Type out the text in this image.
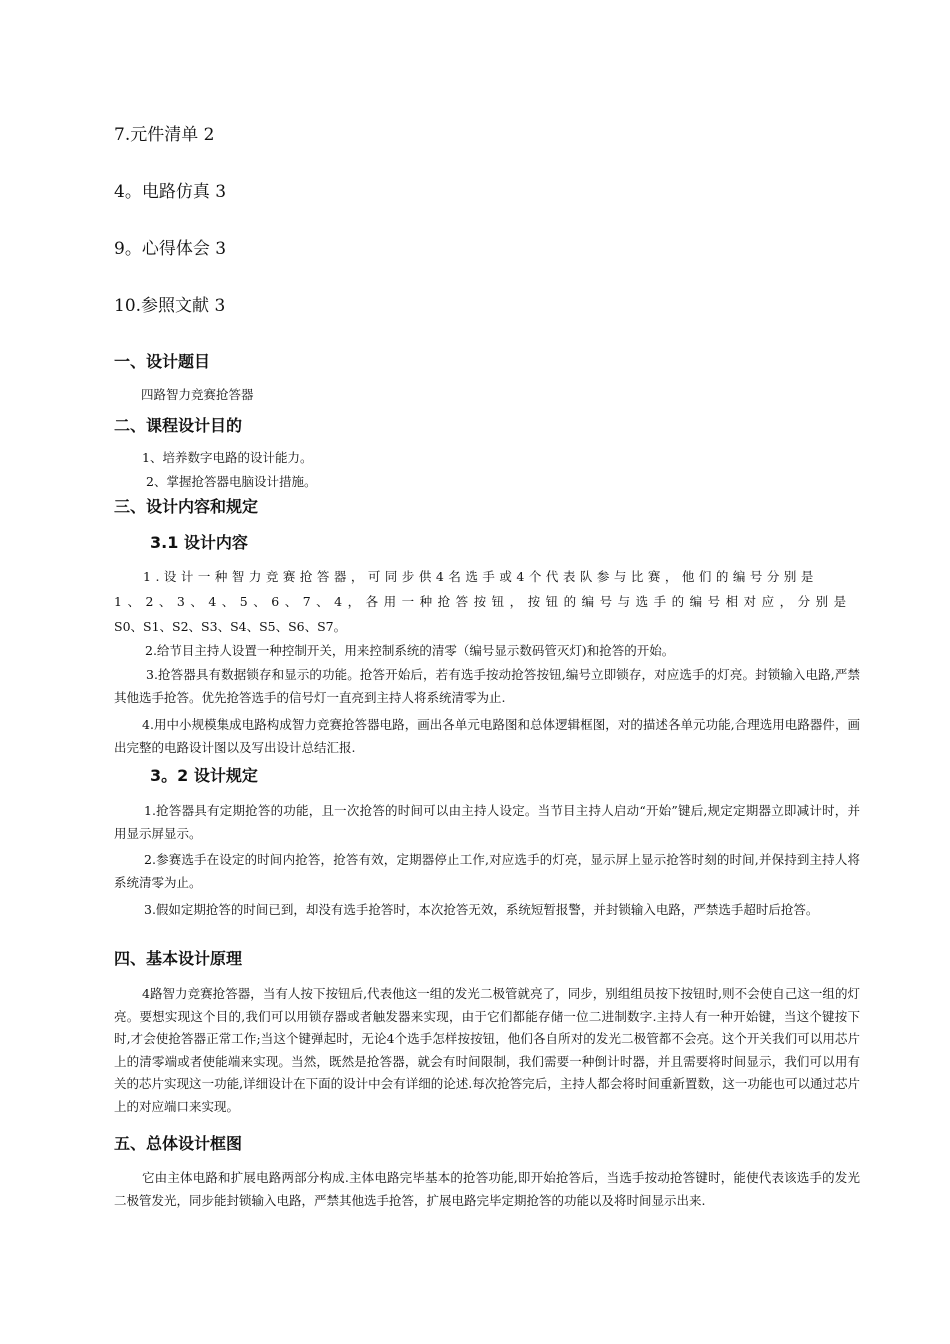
7.元件清单 2
4。电路仿真 3
9。心得体会 3
10.参照文献 3
一、设计题目
四路智力竞赛抢答器
二、课程设计目的
1、培养数字电路的设计能力。
2、掌握抢答器电脑设计措施。
三、设计内容和规定
3.1 设计内容
1.设计一种智力竞赛抢答器，可同步供4名选手或4个代表队参与比赛，他们的编号分别是
1、2、3、4、5、6、7、4，各用一种抢答按钮，按钮的编号与选手的编号相对应，分别是
S0、S1、S2、S3、S4、S5、S6、S7。
2.给节目主持人设置一种控制开关，用来控制系统的清零（编号显示数码管灭灯)和抢答的开始。
3.抢答器具有数据锁存和显示的功能。抢答开始后，若有选手按动抢答按钮,编号立即锁存，对应选手的灯亮。封锁输入电路,严禁其他选手抢答。优先抢答选手的信号灯一直亮到主持人将系统清零为止.
4.用中小规模集成电路构成智力竞赛抢答器电路，画出各单元电路图和总体逻辑框图，对的描述各单元功能,合理选用电路器件，画出完整的电路设计图以及写出设计总结汇报.
3。2 设计规定
1.抢答器具有定期抢答的功能，且一次抢答的时间可以由主持人设定。当节目主持人启动“开始”键后,规定定期器立即减计时，并用显示屏显示。
2.参赛选手在设定的时间内抢答，抢答有效，定期器停止工作,对应选手的灯亮，显示屏上显示抢答时刻的时间,并保持到主持人将系统清零为止。
3.假如定期抢答的时间已到，却没有选手抢答时，本次抢答无效，系统短暂报警，并封锁输入电路，严禁选手超时后抢答。
四、基本设计原理
4路智力竞赛抢答器，当有人按下按钮后,代表他这一组的发光二极管就亮了，同步，别组组员按下按钮时,则不会使自己这一组的灯亮。要想实现这个目的,我们可以用锁存器或者触发器来实现，由于它们都能存储一位二进制数字.主持人有一种开始键，当这个键按下时,才会使抢答器正常工作;当这个键弹起时，无论4个选手怎样按按钮，他们各自所对的发光二极管都不会亮。这个开关我们可以用芯片上的清零端或者使能端来实现。当然，既然是抢答器，就会有时间限制，我们需要一种倒计时器，并且需要将时间显示，我们可以用有关的芯片实现这一功能,详细设计在下面的设计中会有详细的论述.每次抢答完后，主持人都会将时间重新置数，这一功能也可以通过芯片上的对应端口来实现。
五、总体设计框图
它由主体电路和扩展电路两部分构成.主体电路完毕基本的抢答功能,即开始抢答后，当选手按动抢答键时，能使代表该选手的发光二极管发光，同步能封锁输入电路，严禁其他选手抢答，扩展电路完毕定期抢答的功能以及将时间显示出来.
